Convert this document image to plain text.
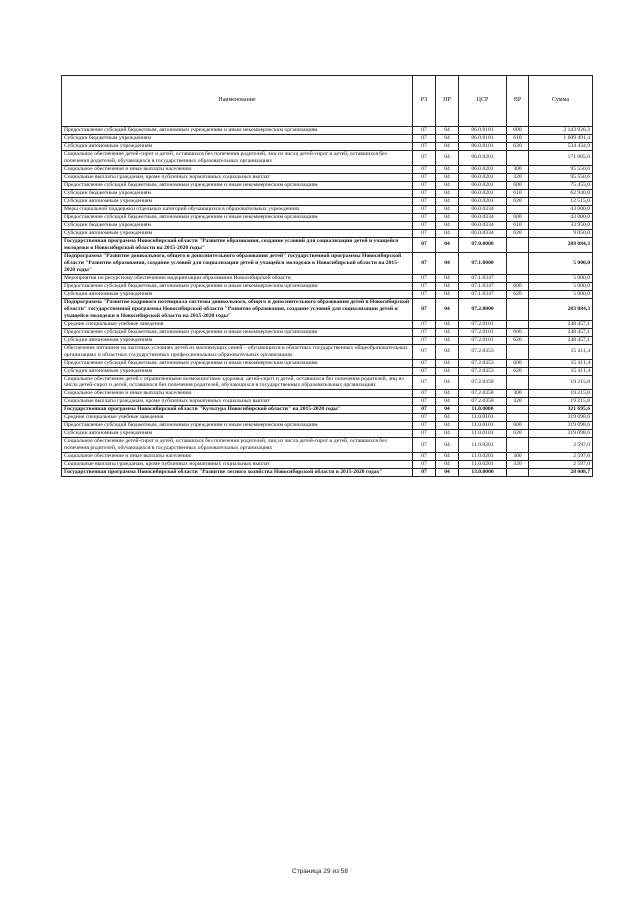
Наименование	РЗ	ПР	ЦСР	ВР	Сумма
Предоставление субсидий бюджетным, автономным учреждениям и иным некоммерческим организациям	07	04	06.0.0101	600	2 143 926,3
Субсидии бюджетным учреждениям	07	04	06.0.0101	610	1 609 491,4
Субсидии автономным учреждениям	07	04	06.0.0101	620	534 434,9
Социальное обеспечение детей-сирот и детей, оставшихся без попечения родителей, лиц из числа детей-сирот и детей, оставшихся без попечения родителей, обучающихся в государственных образовательных организациях	07	04	06.0.0201		171 005,6
Социальное обеспечение и иные выплаты населению	07	04	06.0.0201	300	95 550,6
Социальные выплаты гражданам, кроме публичных нормативных социальных выплат	07	04	06.0.0201	320	95 550,6
Предоставление субсидий бюджетным, автономным учреждениям и иным некоммерческим организациям	07	04	06.0.0201	600	75 455,0
Субсидии бюджетным учреждениям	07	04	06.0.0201	610	62 940,0
Субсидии автономным учреждениям	07	04	06.0.0201	620	12 515,0
Меры социальной поддержки отдельных категорий обучающихся в образовательных учреждениях	07	04	06.0.0334		43 000,0
Предоставление субсидий бюджетным, автономным учреждениям и иным некоммерческим организациям	07	04	06.0.0334	600	43 000,0
Субсидии бюджетным учреждениям	07	04	06.0.0334	610	33 950,0
Субсидии автономным учреждениям	07	04	06.0.0334	620	9 050,0
Государственная программа Новосибирской области "Развитие образования, создание условий для социализации детей и учащейся молодежи в Новосибирской области на 2015-2020 годы"	07	04	07.0.0000		288 084,3
Подпрограмма "Развитие дошкольного, общего и дополнительного образования детей" государственной программы Новосибирской области "Развитие образования, создание условий для социализации детей и учащейся молодежи в Новосибирской области на 2015-2020 годы"	07	04	07.1.0000		5 000,0
Мероприятия по ресурсному обеспечению модернизации образования Новосибирской области	07	04	07.1.0347		5 000,0
Предоставление субсидий бюджетным, автономным учреждениям и иным некоммерческим организациям	07	04	07.1.0347	600	5 000,0
Субсидии автономным учреждениям	07	04	07.1.0347	620	5 000,0
Подпрограмма "Развитие кадрового потенциала системы дошкольного, общего и дополнительного образования детей в Новосибирской области" государственной программы Новосибирской области "Развитие образования, создание условий для социализации детей и учащейся молодежи в Новосибирской области на 2015-2020 годы"	07	04	07.2.0000		283 084,3
Средние специальные учебные заведения	07	04	07.2.0101		248 457,1
Предоставление субсидий бюджетным, автономным учреждениям и иным некоммерческим организациям	07	04	07.2.0101	600	248 457,1
Субсидии автономным учреждениям	07	04	07.2.0101	620	248 457,1
Обеспечение питанием на льготных условиях детей из малоимущих семей – обучающихся в областных государственных общеобразовательных организациях и областных государственных профессиональных образовательных организациях	07	04	07.2.0353		15 411,4
Предоставление субсидий бюджетным, автономным учреждениям и иным некоммерческим организациям	07	04	07.2.0353	600	15 411,4
Субсидии автономным учреждениям	07	04	07.2.0353	620	15 411,4
Социальное обеспечение детей с ограниченными возможностями здоровья, детей-сирот и детей, оставшихся без попечения родителей, лиц из числа детей-сирот и детей, оставшихся без попечения родителей, обучающихся в государственных образовательных организациях	07	04	07.2.0358		19 215,8
Социальное обеспечение и иные выплаты населению	07	04	07.2.0358	300	19 215,8
Социальные выплаты гражданам, кроме публичных нормативных социальных выплат	07	04	07.2.0358	320	19 215,8
Государственная программа Новосибирской области "Культура Новосибирской области" на 2015-2020 годы"	07	04	11.0.0000		321 695,6
Средние специальные учебные заведения	07	04	11.0.0101		319 098,6
Предоставление субсидий бюджетным, автономным учреждениям и иным некоммерческим организациям	07	04	11.0.0101	600	319 098,6
Субсидии автономным учреждениям	07	04	11.0.0101	620	319 098,6
Социальное обеспечение детей-сирот и детей, оставшихся без попечения родителей, лиц из числа детей-сирот и детей, оставшихся без попечения родителей, обучающихся в государственных образовательных организациях	07	04	11.0.0201		2 597,0
Социальное обеспечение и иные выплаты населению	07	04	11.0.0201	300	2 597,0
Социальные выплаты гражданам, кроме публичных нормативных социальных выплат	07	04	11.0.0201	320	2 597,0
Государственная программа Новосибирской области "Развитие лесного хозяйства Новосибирской области в 2015-2020 годах"	07	04	13.0.0000		28 008,7
Страница 29 из 58
